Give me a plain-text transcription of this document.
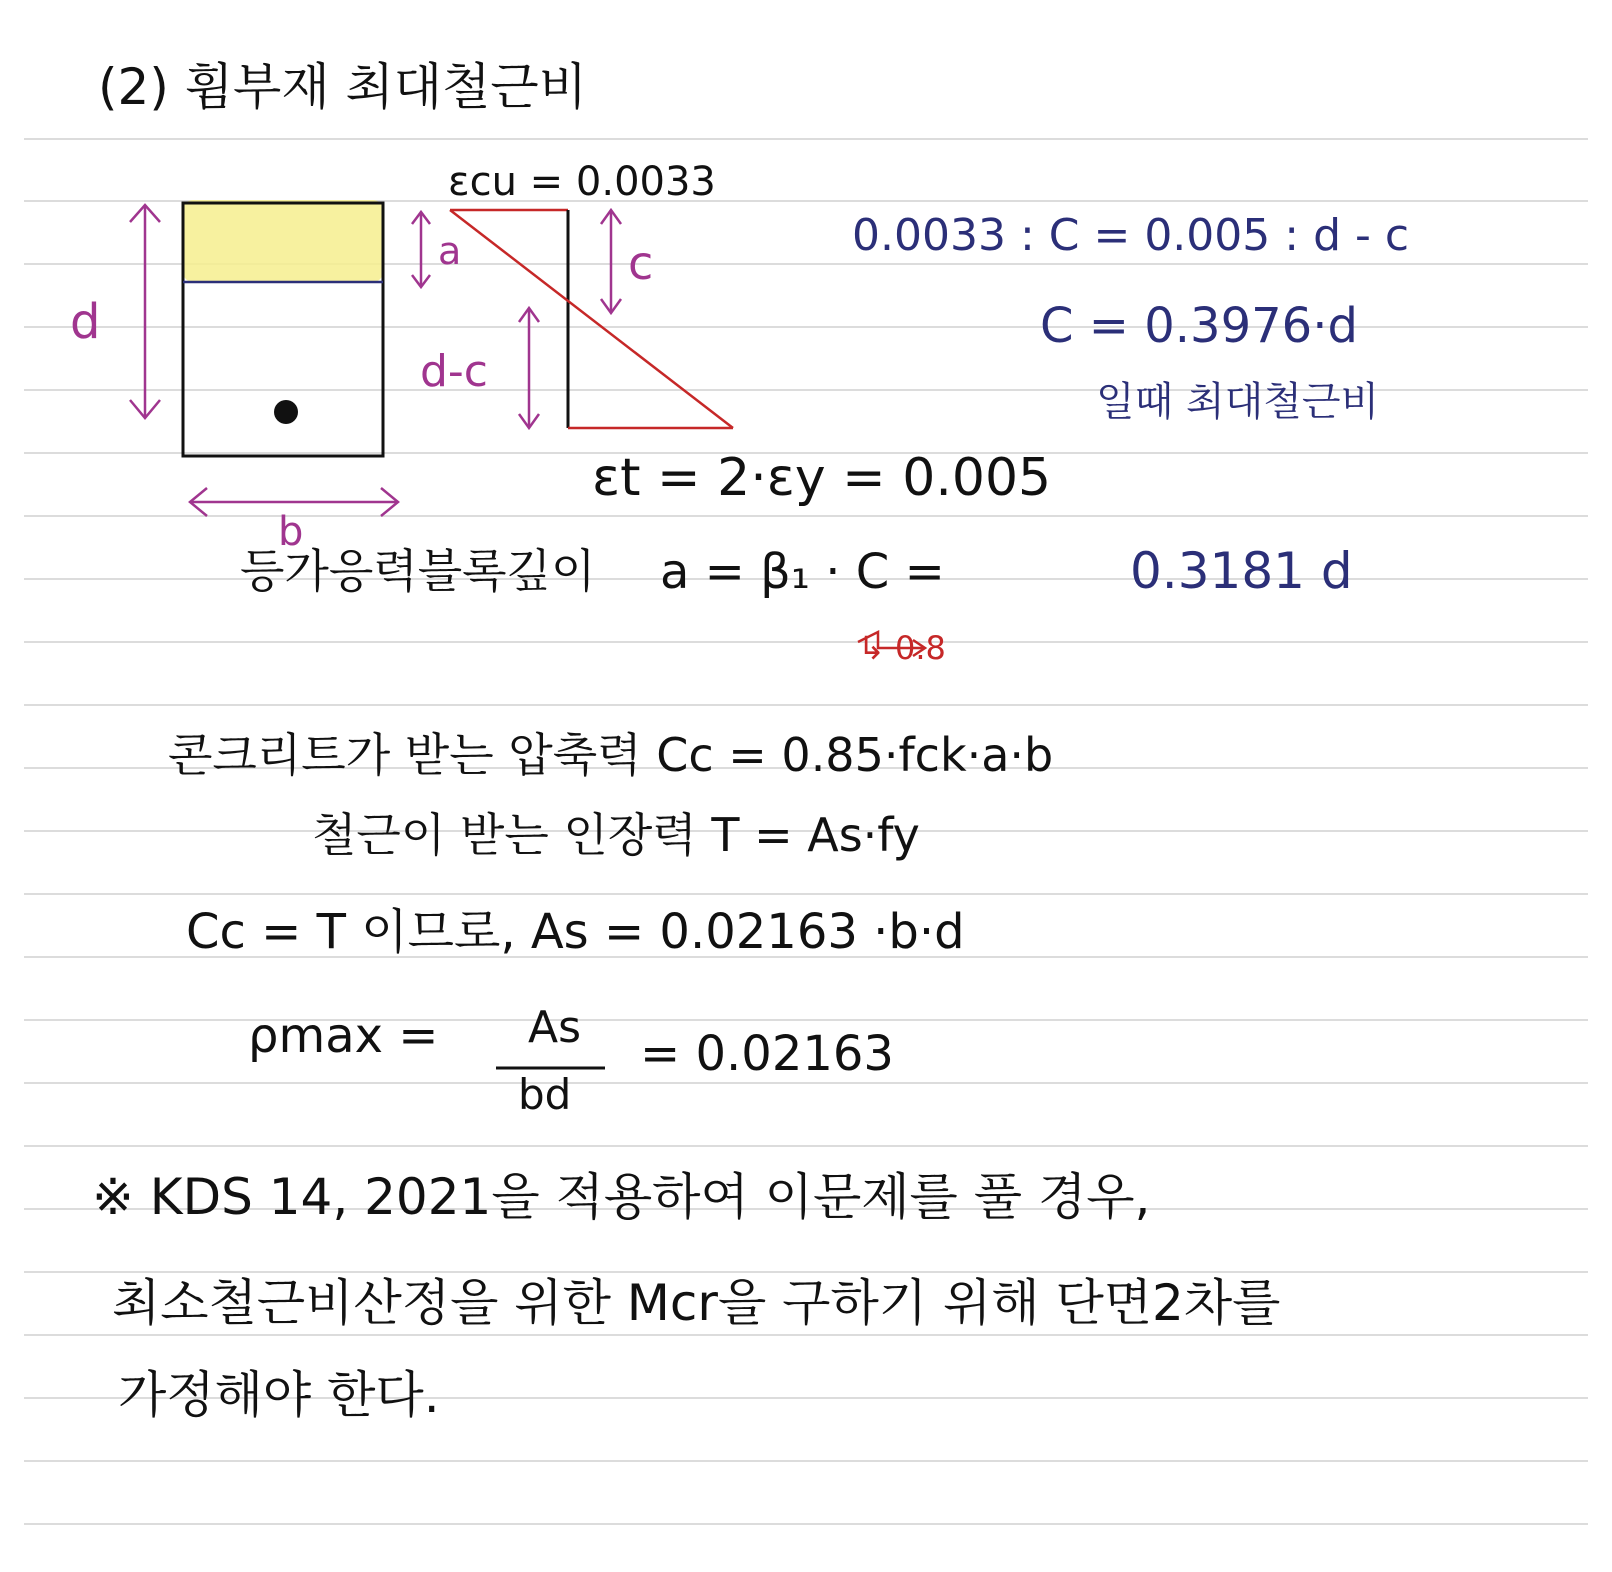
(2) 휨부재 최대철근비
d
b
a	c
d-c
εcu = 0.0033
εt = 2·εy = 0.005
0.0033 : C = 0.005 : d - c
C = 0.3976·d
일때 최대철근비
등가응력블록깊이 a = β₁ · C =	0.3181 d
↳ 0.8
콘크리트가 받는 압축력 Cc = 0.85·fck·a·b
철근이 받는 인장력 T = As·fy
Cc = T 이므로, As = 0.02163 ·b·d
ρmax = As
bd
= 0.02163
※ KDS 14, 2021을 적용하여 이문제를 풀 경우,
최소철근비산정을 위한 Mcr을 구하기 위해 단면2차를
가정해야 한다.
